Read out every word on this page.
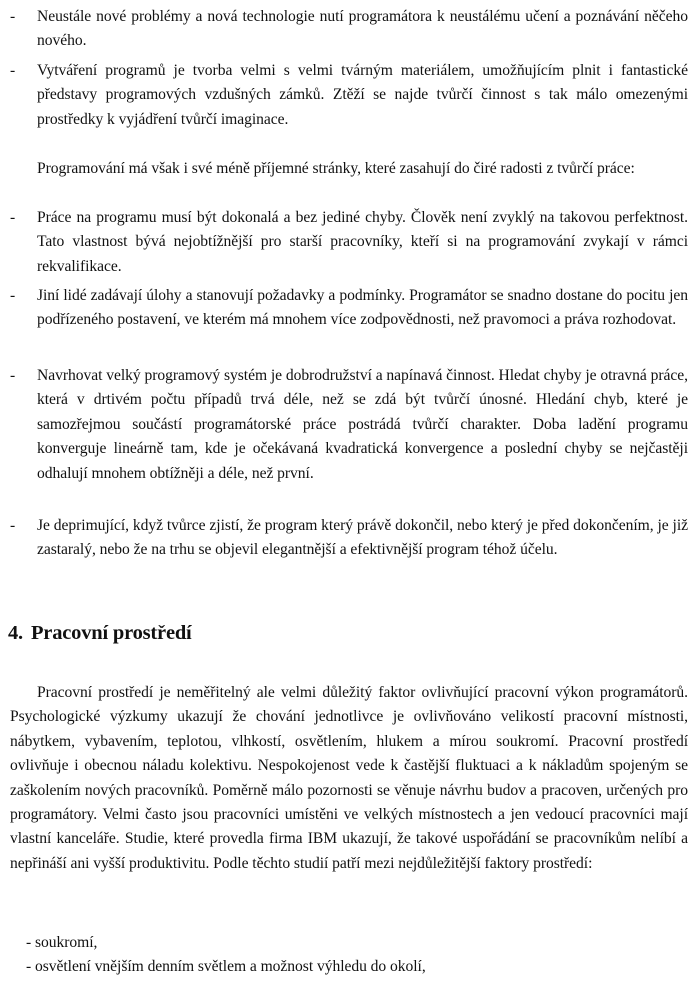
-	Neustále nové problémy a nová technologie nutí programátora k neustálému učení a poznávání něčeho nového.
-	Vytváření programů je tvorba velmi s velmi tvárným materiálem, umožňujícím plnit i fantastické představy programových vzdušných zámků. Ztěží se najde tvůrčí činnost s tak málo omezenými prostředky k vyjádření tvůrčí imaginace.
Programování má však i své méně příjemné stránky, které zasahují do čiré radosti z tvůrčí práce:
-	Práce na programu musí být dokonalá a bez jediné chyby. Člověk není zvyklý na takovou perfektnost. Tato vlastnost bývá nejobtížnější pro starší pracovníky, kteří si na programování zvykají v rámci rekvalifikace.
-	Jiní lidé zadávají úlohy a stanovují požadavky a podmínky. Programátor se snadno dostane do pocitu jen podřízeného postavení, ve kterém má mnohem více zodpovědnosti, než pravomoci a práva rozhodovat.
-	Navrhovat velký programový systém je dobrodružství a napínavá činnost. Hledat chyby je otravná práce, která v drtivém počtu případů trvá déle, než se zdá být tvůrčí únosné. Hledání chyb, které je samozřejmou součástí programátorské práce postrádá tvůrčí charakter. Doba ladění programu konverguje lineárně tam, kde je očekávaná kvadratická konvergence a poslední chyby se nejčastěji odhalují mnohem obtížněji a déle, než první.
-	Je deprimující, když tvůrce zjistí, že program který právě dokončil, nebo který je před dokončením, je již zastaralý, nebo že na trhu se objevil elegantnější a efektivnější program téhož účelu.
4. Pracovní prostředí
Pracovní prostředí je neměřitelný ale velmi důležitý faktor ovlivňující pracovní výkon programátorů. Psychologické výzkumy ukazují že chování jednotlivce je ovlivňováno velikostí pracovní místnosti, nábytkem, vybavením, teplotou, vlhkostí, osvětlením, hlukem a mírou soukromí. Pracovní prostředí ovlivňuje i obecnou náladu kolektivu. Nespokojenost vede k častější fluktuaci a k nákladům spojeným se zaškolením nových pracovníků. Poměrně málo pozornosti se věnuje návrhu budov a pracoven, určených pro programátory. Velmi často jsou pracovníci umístěni ve velkých místnostech a jen vedoucí pracovníci mají vlastní kanceláře. Studie, které provedla firma IBM ukazují, že takové uspořádání se pracovníkům nelíbí a nepřináší ani vyšší produktivitu. Podle těchto studií patří mezi nejdůležitější faktory prostředí:
- soukromí,
- osvětlení vnějším denním světlem a možnost výhledu do okolí,
